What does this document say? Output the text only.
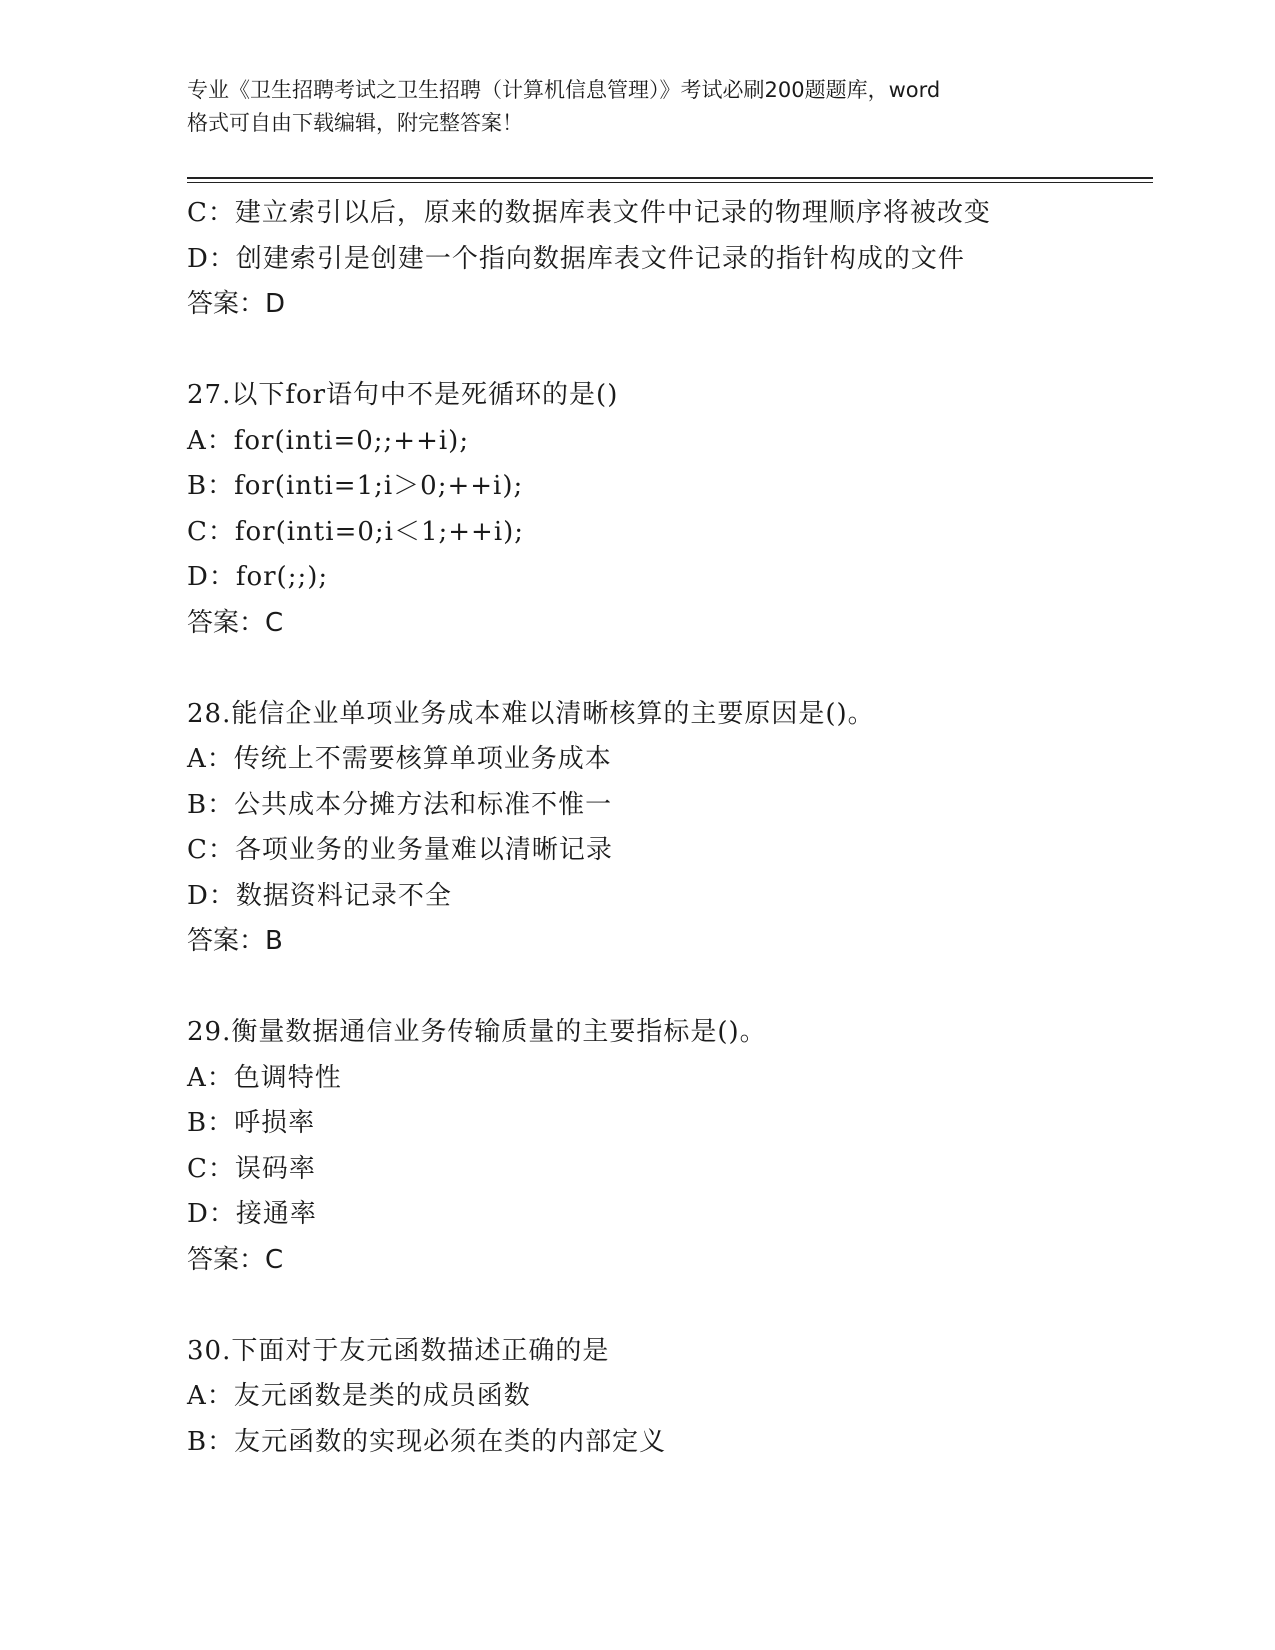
专业《卫生招聘考试之卫生招聘（计算机信息管理）》考试必刷200题题库，word
格式可自由下载编辑，附完整答案！
C：建立索引以后，原来的数据库表文件中记录的物理顺序将被改变
D：创建索引是创建一个指向数据库表文件记录的指针构成的文件
答案：D
27.以下for语句中不是死循环的是()
A：for(inti=0;;++i);
B：for(inti=1;i＞0;++i);
C：for(inti=0;i＜1;++i);
D：for(;;);
答案：C
28.能信企业单项业务成本难以清晰核算的主要原因是()。
A：传统上不需要核算单项业务成本
B：公共成本分摊方法和标准不惟一
C：各项业务的业务量难以清晰记录
D：数据资料记录不全
答案：B
29.衡量数据通信业务传输质量的主要指标是()。
A：色调特性
B：呼损率
C：误码率
D：接通率
答案：C
30.下面对于友元函数描述正确的是
A：友元函数是类的成员函数
B：友元函数的实现必须在类的内部定义
